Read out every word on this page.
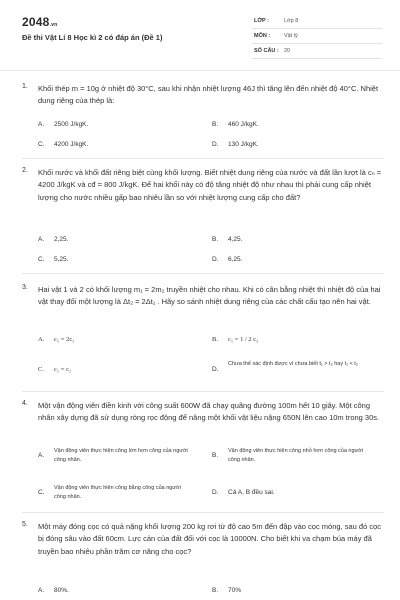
2048.vn
Đề thi Vật Lí 8 Học kì 2 có đáp án (Đề 1)
LỚP :	Lớp 8
MÔN :	Vật lý
SỐ CÂU : 20
1. Khối thép m = 10g ở nhiệt độ 30°C, sau khi nhận nhiệt lượng 46J thì tăng lên đến nhiệt độ 40°C. Nhiệt dung riêng của thép là:
A. 2500 J/kgK.	B. 460 J/kgK.
C. 4200 J/kgK.	D. 130 J/kgK.
2. Khối nước và khối đất riêng biệt cùng khối lượng. Biết nhiệt dung riêng của nước và đất lần lượt là cₙ = 4200 J/kgK và cđ = 800 J/kgK. Để hai khối này có độ tăng nhiệt độ như nhau thì phải cung cấp nhiệt lượng cho nước nhiều gấp bao nhiêu lần so với nhiệt lượng cung cấp cho đất?
A. 2,25.	B. 4,25.
C. 5,25.	D. 6,25.
3. Hai vật 1 và 2 có khối lượng m₁ = 2m₂ truyền nhiệt cho nhau. Khi có cân bằng nhiệt thì nhiệt độ của hai vật thay đổi một lượng là Δt₂ = 2Δt₁ . Hãy so sánh nhiệt dung riêng của các chất cấu tạo nên hai vật.
A. c₁ = 2c₂	B. c₁ = 1 / 2 c₂
C. c₁ = c₂	D.
Chưa thể xác định được vì chưa biết t₁ > t₂ hay t₁ < t₂
4. Một vận động viên điền kinh với công suất 600W đã chạy quãng đường 100m hết 10 giây. Một công nhân xây dựng đã sử dụng ròng rọc động để nâng một khối vật liệu nặng 650N lên cao 10m trong 30s.
A.
Vận động viên thực hiện công lớn hơn công của người công nhân.
B.
Vận động viên thực hiện công nhỏ hơn công của người công nhân.
C.
Vận động viên thực hiện công bằng công của người công nhân.
D. Cả A, B đều sai.
5. Một máy đóng cọc có quả nặng khối lượng 200 kg rơi từ độ cao 5m đến đập vào cọc móng, sau đó cọc bị đóng sâu vào đất 60cm. Lực cản của đất đối với cọc là 10000N. Cho biết khi va chạm búa máy đã truyền bao nhiêu phần trăm cơ năng cho cọc?
A. 80%.	B. 70%
